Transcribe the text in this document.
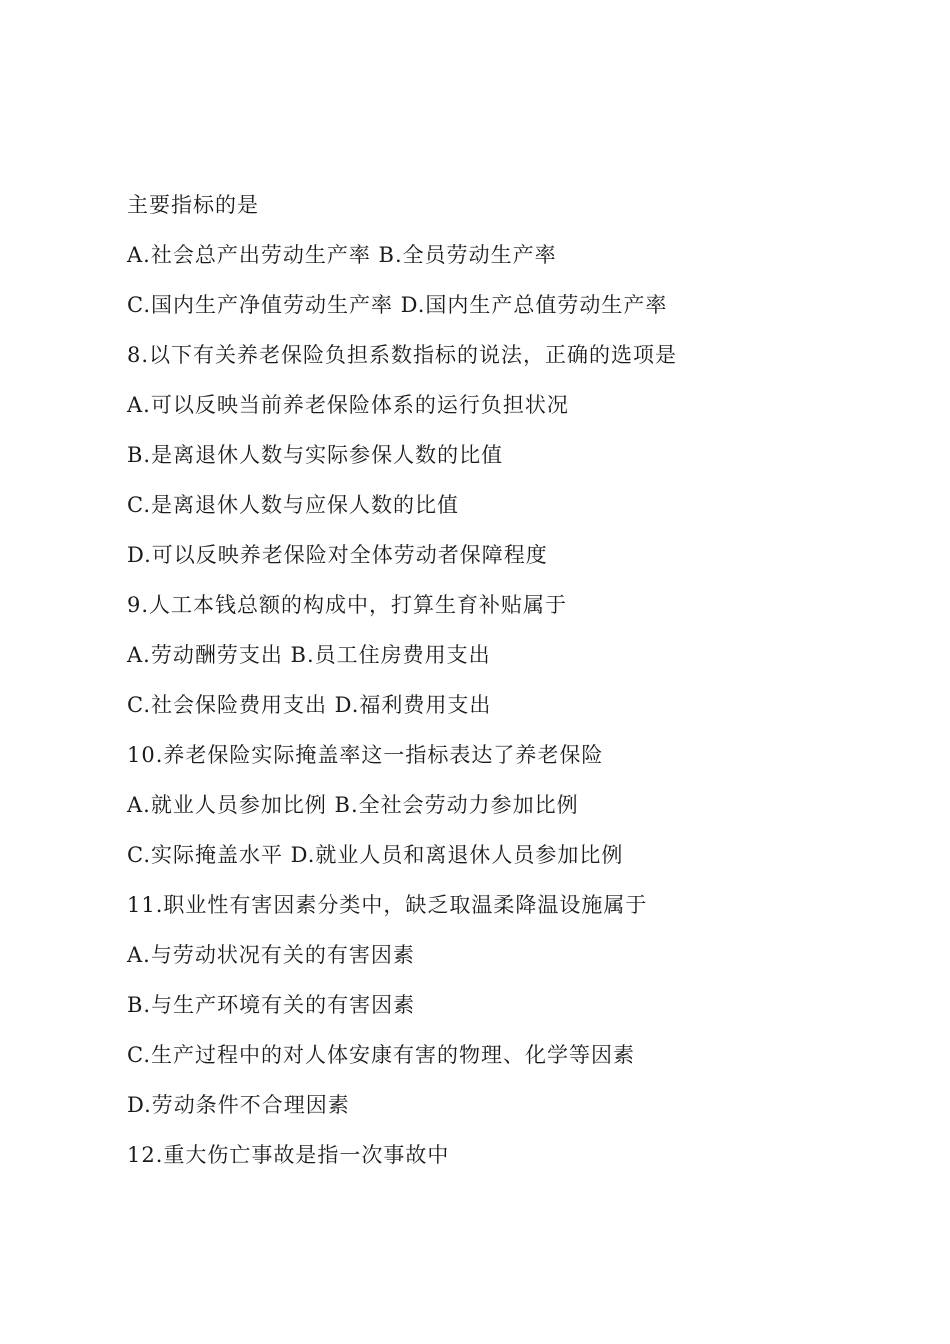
主要指标的是
A.社会总产出劳动生产率 B.全员劳动生产率
C.国内生产净值劳动生产率 D.国内生产总值劳动生产率
8.以下有关养老保险负担系数指标的说法，正确的选项是
A.可以反映当前养老保险体系的运行负担状况
B.是离退休人数与实际参保人数的比值
C.是离退休人数与应保人数的比值
D.可以反映养老保险对全体劳动者保障程度
9.人工本钱总额的构成中，打算生育补贴属于
A.劳动酬劳支出 B.员工住房费用支出
C.社会保险费用支出 D.福利费用支出
10.养老保险实际掩盖率这一指标表达了养老保险
A.就业人员参加比例 B.全社会劳动力参加比例
C.实际掩盖水平 D.就业人员和离退休人员参加比例
11.职业性有害因素分类中，缺乏取温柔降温设施属于
A.与劳动状况有关的有害因素
B.与生产环境有关的有害因素
C.生产过程中的对人体安康有害的物理、化学等因素
D.劳动条件不合理因素
12.重大伤亡事故是指一次事故中
